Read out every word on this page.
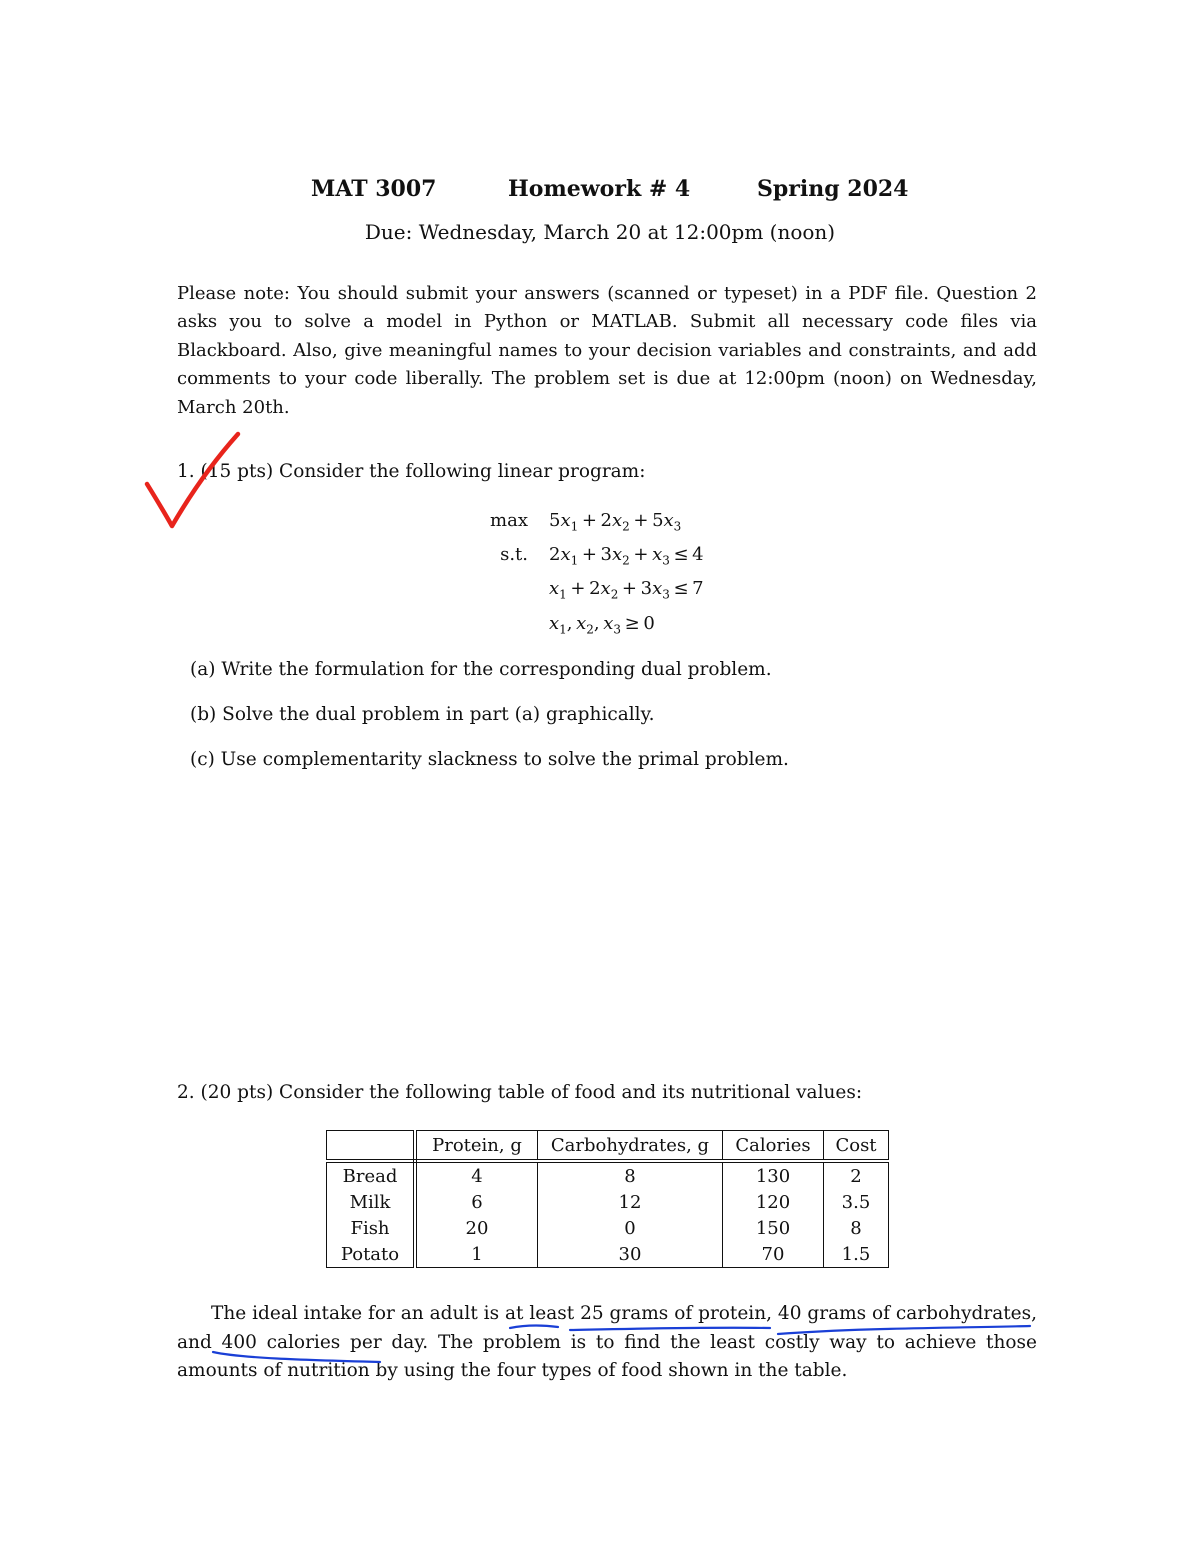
MAT 3007	Homework # 4	Spring 2024
Due: Wednesday, March 20 at 12:00pm (noon)
Please note: You should submit your answers (scanned or typeset) in a PDF file. Question 2 asks you to solve a model in Python or MATLAB. Submit all necessary code files via Blackboard. Also, give meaningful names to your decision variables and constraints, and add comments to your code liberally. The problem set is due at 12:00pm (noon) on Wednesday, March 20th.
1. (15 pts) Consider the following linear program:
max
s.t.
$5x_1 + 2x_2 + 5x_3$
$2x_1 + 3x_2 + x_3 \le 4$
$x_1 + 2x_2 + 3x_3 \le 7$
$x_1$, $x_2$, $x_3 \ge 0$
(a) Write the formulation for the corresponding dual problem.
(b) Solve the dual problem in part (a) graphically.
(c) Use complementarity slackness to solve the primal problem.
2. (20 pts) Consider the following table of food and its nutritional values:
	Protein, g	Carbohydrates, g	Calories	Cost
Bread	4	8	130	2
Milk	6	12	120	3.5
Fish	20	0	150	8
Potato	1	30	70	1.5
The ideal intake for an adult is at least 25 grams of protein, 40 grams of carbohydrates, and 400 calories per day. The problem is to find the least costly way to achieve those amounts of nutrition by using the four types of food shown in the table.
